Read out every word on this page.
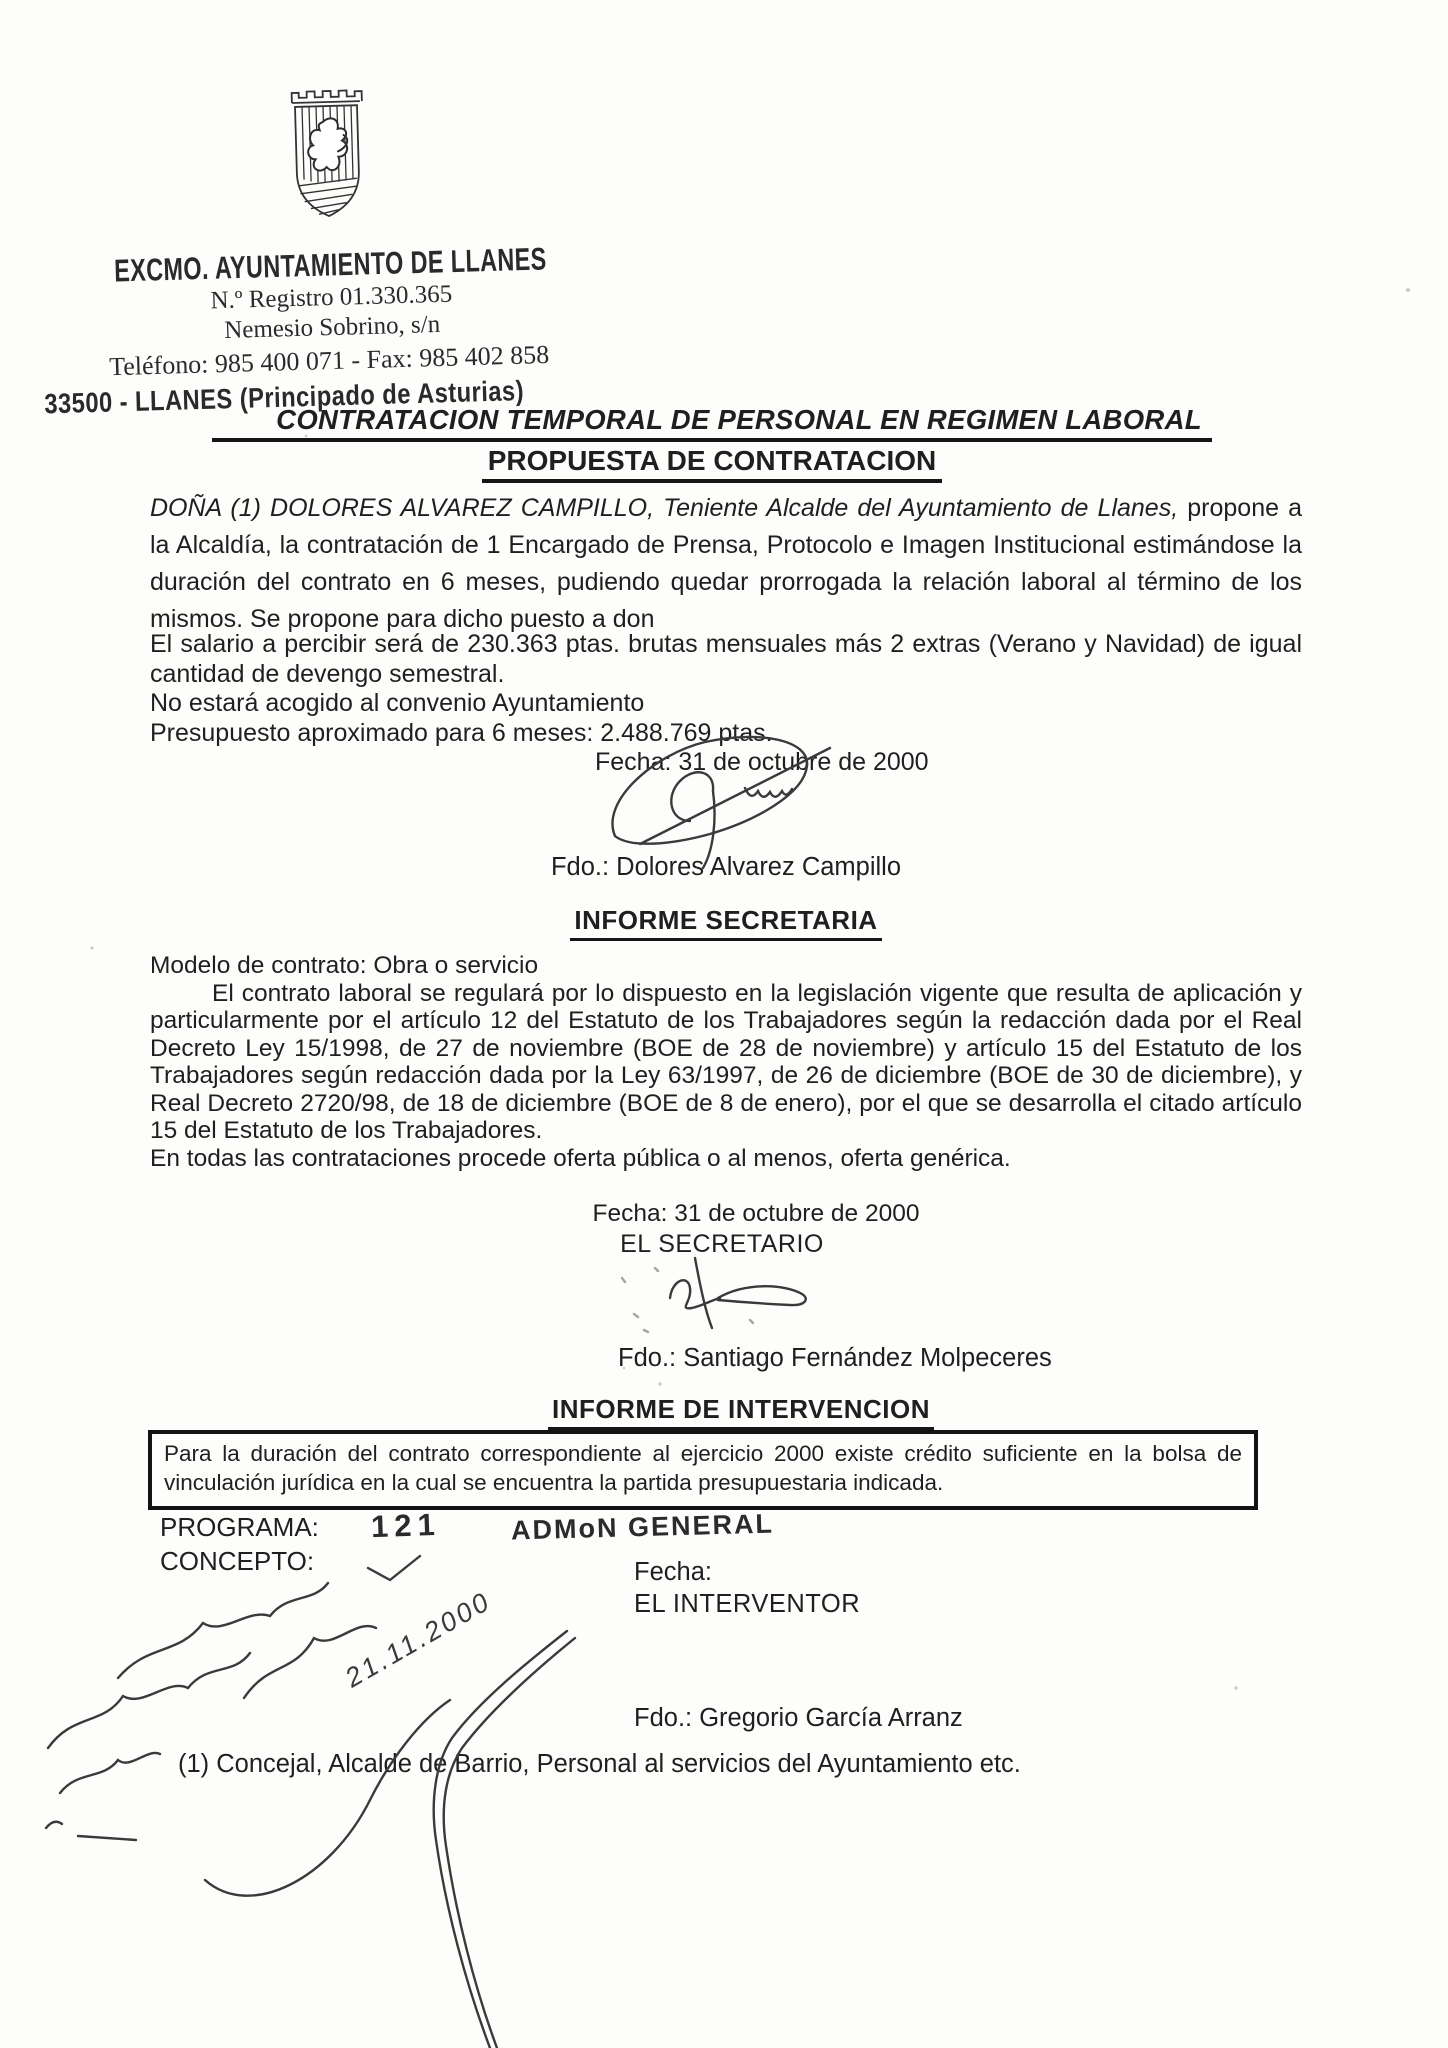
EXCMO. AYUNTAMIENTO DE LLANES
N.º Registro 01.330.365
Nemesio Sobrino, s/n
Teléfono: 985 400 071 - Fax: 985 402 858
33500 - LLANES (Principado de Asturias)
CONTRATACION TEMPORAL DE PERSONAL EN REGIMEN LABORAL
PROPUESTA DE CONTRATACION
DOÑA (1) DOLORES ALVAREZ CAMPILLO, Teniente Alcalde del Ayuntamiento de Llanes, propone a la Alcaldía, la contratación de 1 Encargado de Prensa, Protocolo e Imagen Institucional estimándose la duración del contrato en 6 meses, pudiendo quedar prorrogada la relación laboral al término de los mismos. Se propone para dicho puesto a don
El salario a percibir será de 230.363 ptas. brutas mensuales más 2 extras (Verano y Navidad) de igual cantidad de devengo semestral.
No estará acogido al convenio Ayuntamiento
Presupuesto aproximado para 6 meses: 2.488.769 ptas.
Fecha: 31 de octubre de 2000
Fdo.: Dolores Alvarez Campillo
INFORME SECRETARIA
Modelo de contrato: Obra o servicio
El contrato laboral se regulará por lo dispuesto en la legislación vigente que resulta de aplicación y particularmente por el artículo 12 del Estatuto de los Trabajadores según la redacción dada por el Real Decreto Ley 15/1998, de 27 de noviembre (BOE de 28 de noviembre) y artículo 15 del Estatuto de los Trabajadores según redacción dada por la Ley 63/1997, de 26 de diciembre (BOE de 30 de diciembre), y Real Decreto 2720/98, de 18 de diciembre (BOE de 8 de enero), por el que se desarrolla el citado artículo 15 del Estatuto de los Trabajadores.
En todas las contrataciones procede oferta pública o al menos, oferta genérica.
Fecha: 31 de octubre de 2000
EL SECRETARIO
Fdo.: Santiago Fernández Molpeceres
INFORME DE INTERVENCION
Para la duración del contrato correspondiente al ejercicio 2000 existe crédito suficiente en la bolsa de vinculación jurídica en la cual se encuentra la partida presupuestaria indicada.
PROGRAMA: 121	ADMoN GENERAL
CONCEPTO:	Fecha:
EL INTERVENTOR
Fdo.: Gregorio García Arranz
(1) Concejal, Alcalde de Barrio, Personal al servicios del Ayuntamiento etc.
21.11.2000
